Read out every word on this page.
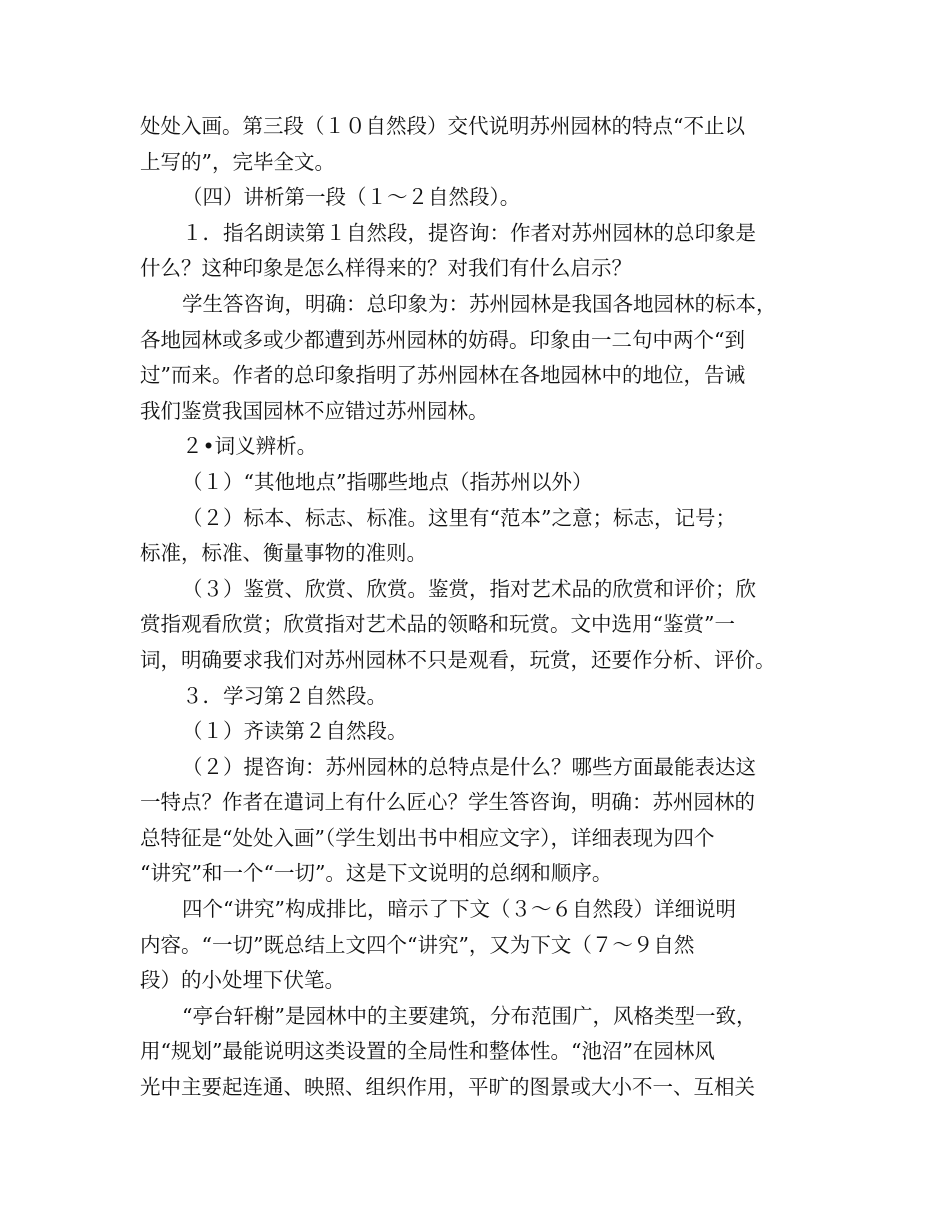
处处入画。第三段（１０自然段）交代说明苏州园林的特点“不止以
上写的”，完毕全文。
（四）讲析第一段（１～２自然段）。
１．指名朗读第１自然段，提咨询：作者对苏州园林的总印象是
什么？这种印象是怎么样得来的？对我们有什么启示？
学生答咨询，明确：总印象为：苏州园林是我国各地园林的标本，
各地园林或多或少都遭到苏州园林的妨碍。印象由一二句中两个“到
过”而来。作者的总印象指明了苏州园林在各地园林中的地位，告诫
我们鉴赏我国园林不应错过苏州园林。
２•词义辨析。
（１）“其他地点”指哪些地点（指苏州以外）
（２）标本、标志、标准。这里有“范本”之意；标志，记号；
标准，标准、衡量事物的准则。
（３）鉴赏、欣赏、欣赏。鉴赏，指对艺术品的欣赏和评价；欣
赏指观看欣赏；欣赏指对艺术品的领略和玩赏。文中选用“鉴赏”一
词，明确要求我们对苏州园林不只是观看，玩赏，还要作分析、评价。
３．学习第２自然段。
（１）齐读第２自然段。
（２）提咨询：苏州园林的总特点是什么？哪些方面最能表达这
一特点？作者在遣词上有什么匠心？学生答咨询，明确：苏州园林的
总特征是“处处入画”（学生划出书中相应文字），详细表现为四个
“讲究”和一个“一切”。这是下文说明的总纲和顺序。
四个“讲究”构成排比，暗示了下文（３～６自然段）详细说明
内容。“一切”既总结上文四个“讲究”，又为下文（７～９自然
段）的小处埋下伏笔。
“亭台轩榭”是园林中的主要建筑，分布范围广，风格类型一致，
用“规划”最能说明这类设置的全局性和整体性。“池沼”在园林风
光中主要起连通、映照、组织作用，平旷的图景或大小不一、互相关
